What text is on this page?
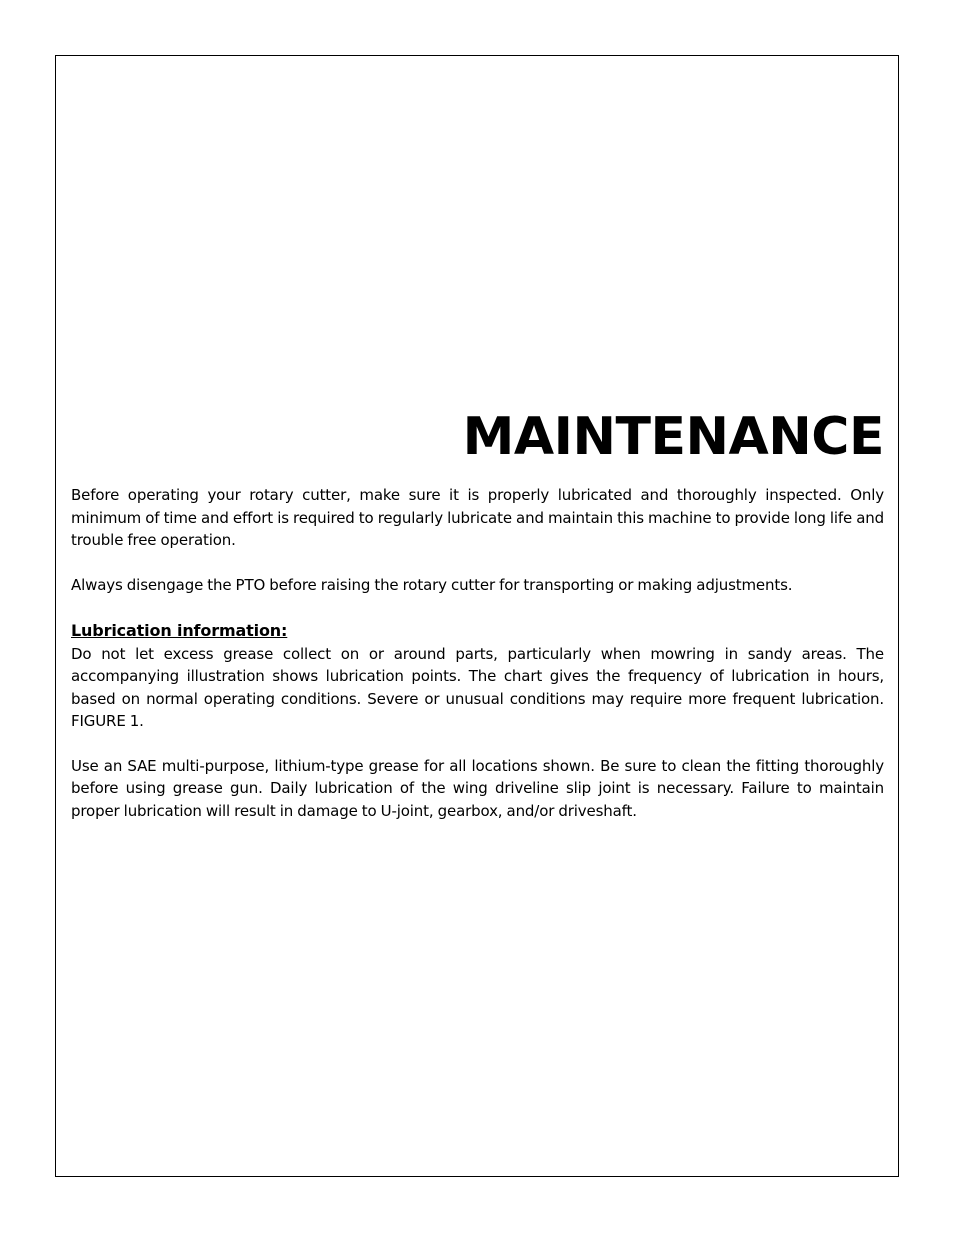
MAINTENANCE

Before operating your rotary cutter, make sure it is properly lubricated and thoroughly inspected. Only minimum of time and effort is required to regularly lubricate and maintain this machine to provide long life and trouble free operation.

Always disengage the PTO before raising the rotary cutter for transporting or making adjustments.

Lubrication information:

Do not let excess grease collect on or around parts, particularly when mowring in sandy areas. The accompanying illustration shows lubrication points. The chart gives the frequency of lubrication in hours, based on normal operating conditions. Severe or unusual conditions may require more frequent lubrication. FIGURE 1.

Use an SAE multi-purpose, lithium-type grease for all locations shown. Be sure to clean the fitting thoroughly before using grease gun. Daily lubrication of the wing driveline slip joint is necessary. Failure to maintain proper lubrication will result in damage to U-joint, gearbox, and/or driveshaft.
